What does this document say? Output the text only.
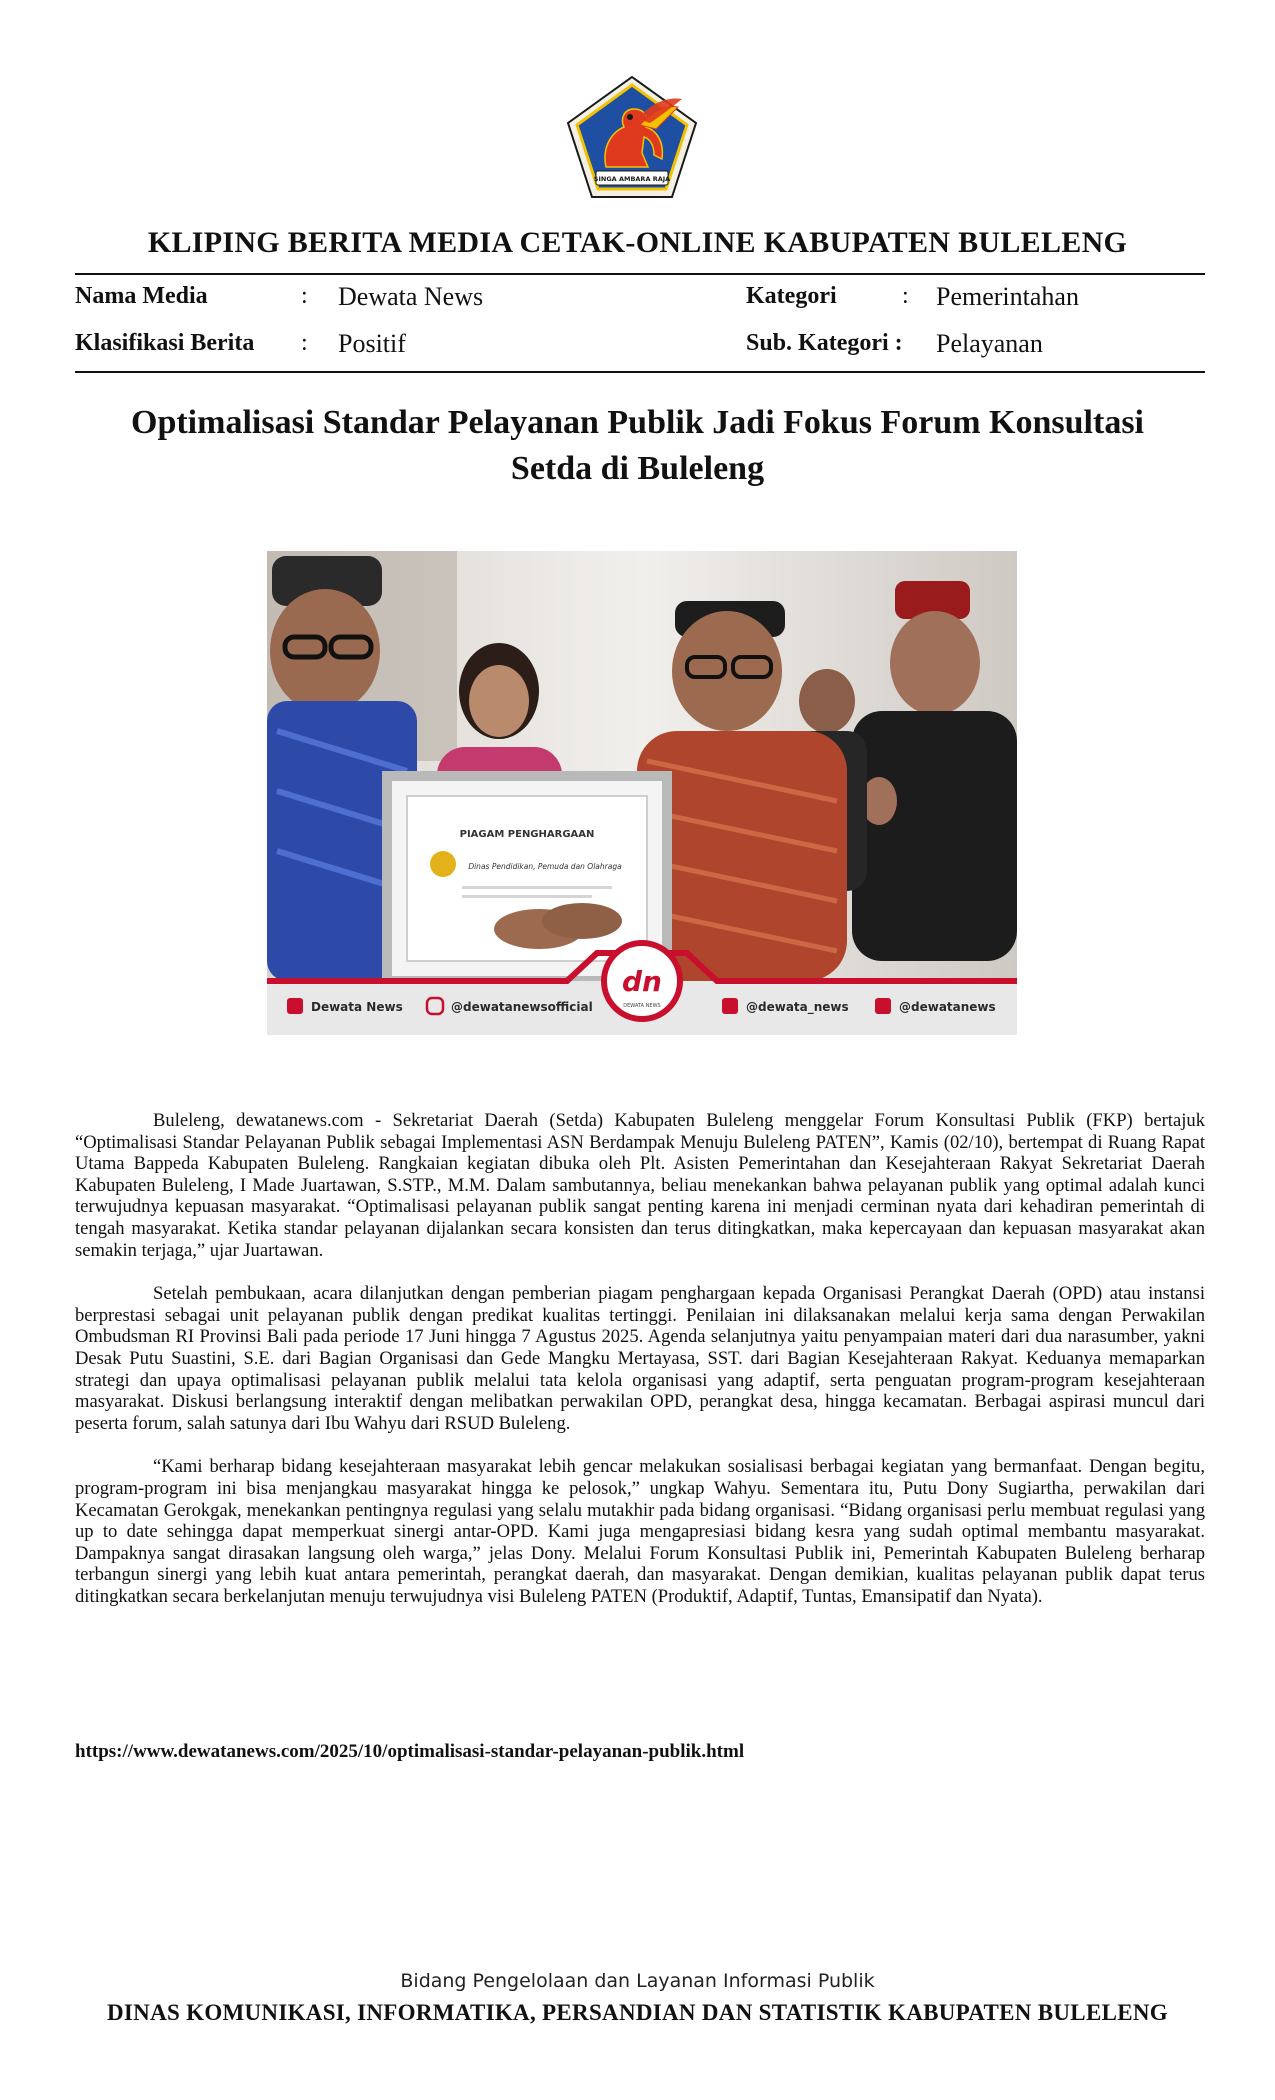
SINGA AMBARA RAJA
KLIPING BERITA MEDIA CETAK-ONLINE KABUPATEN BULELENG
Nama Media	: Dewata News	Kategori	: Pemerintahan
Klasifikasi Berita : Positif	Sub. Kategori : Pelayanan
Optimalisasi Standar Pelayanan Publik Jadi Fokus Forum Konsultasi Setda di Buleleng
PIAGAM PENGHARGAAN
Dinas Pendidikan, Pemuda dan Olahraga
dn
DEWATA NEWS
Dewata News	@dewatanewsofficial	@dewata_news	@dewatanews

Buleleng, dewatanews.com - Sekretariat Daerah (Setda) Kabupaten Buleleng menggelar Forum Konsultasi Publik (FKP) bertajuk “Optimalisasi Standar Pelayanan Publik sebagai Implementasi ASN Berdampak Menuju Buleleng PATEN”, Kamis (02/10), bertempat di Ruang Rapat Utama Bappeda Kabupaten Buleleng. Rangkaian kegiatan dibuka oleh Plt. Asisten Pemerintahan dan Kesejahteraan Rakyat Sekretariat Daerah Kabupaten Buleleng, I Made Juartawan, S.STP., M.M. Dalam sambutannya, beliau menekankan bahwa pelayanan publik yang optimal adalah kunci terwujudnya kepuasan masyarakat. “Optimalisasi pelayanan publik sangat penting karena ini menjadi cerminan nyata dari kehadiran pemerintah di tengah masyarakat. Ketika standar pelayanan dijalankan secara konsisten dan terus ditingkatkan, maka kepercayaan dan kepuasan masyarakat akan semakin terjaga,” ujar Juartawan.

Setelah pembukaan, acara dilanjutkan dengan pemberian piagam penghargaan kepada Organisasi Perangkat Daerah (OPD) atau instansi berprestasi sebagai unit pelayanan publik dengan predikat kualitas tertinggi. Penilaian ini dilaksanakan melalui kerja sama dengan Perwakilan Ombudsman RI Provinsi Bali pada periode 17 Juni hingga 7 Agustus 2025. Agenda selanjutnya yaitu penyampaian materi dari dua narasumber, yakni Desak Putu Suastini, S.E. dari Bagian Organisasi dan Gede Mangku Mertayasa, SST. dari Bagian Kesejahteraan Rakyat. Keduanya memaparkan strategi dan upaya optimalisasi pelayanan publik melalui tata kelola organisasi yang adaptif, serta penguatan program-program kesejahteraan masyarakat. Diskusi berlangsung interaktif dengan melibatkan perwakilan OPD, perangkat desa, hingga kecamatan. Berbagai aspirasi muncul dari peserta forum, salah satunya dari Ibu Wahyu dari RSUD Buleleng.

“Kami berharap bidang kesejahteraan masyarakat lebih gencar melakukan sosialisasi berbagai kegiatan yang bermanfaat. Dengan begitu, program-program ini bisa menjangkau masyarakat hingga ke pelosok,” ungkap Wahyu. Sementara itu, Putu Dony Sugiartha, perwakilan dari Kecamatan Gerokgak, menekankan pentingnya regulasi yang selalu mutakhir pada bidang organisasi. “Bidang organisasi perlu membuat regulasi yang up to date sehingga dapat memperkuat sinergi antar-OPD. Kami juga mengapresiasi bidang kesra yang sudah optimal membantu masyarakat. Dampaknya sangat dirasakan langsung oleh warga,” jelas Dony. Melalui Forum Konsultasi Publik ini, Pemerintah Kabupaten Buleleng berharap terbangun sinergi yang lebih kuat antara pemerintah, perangkat daerah, dan masyarakat. Dengan demikian, kualitas pelayanan publik dapat terus ditingkatkan secara berkelanjutan menuju terwujudnya visi Buleleng PATEN (Produktif, Adaptif, Tuntas, Emansipatif dan Nyata).

https://www.dewatanews.com/2025/10/optimalisasi-standar-pelayanan-publik.html
Bidang Pengelolaan dan Layanan Informasi Publik
DINAS KOMUNIKASI, INFORMATIKA, PERSANDIAN DAN STATISTIK KABUPATEN BULELENG
